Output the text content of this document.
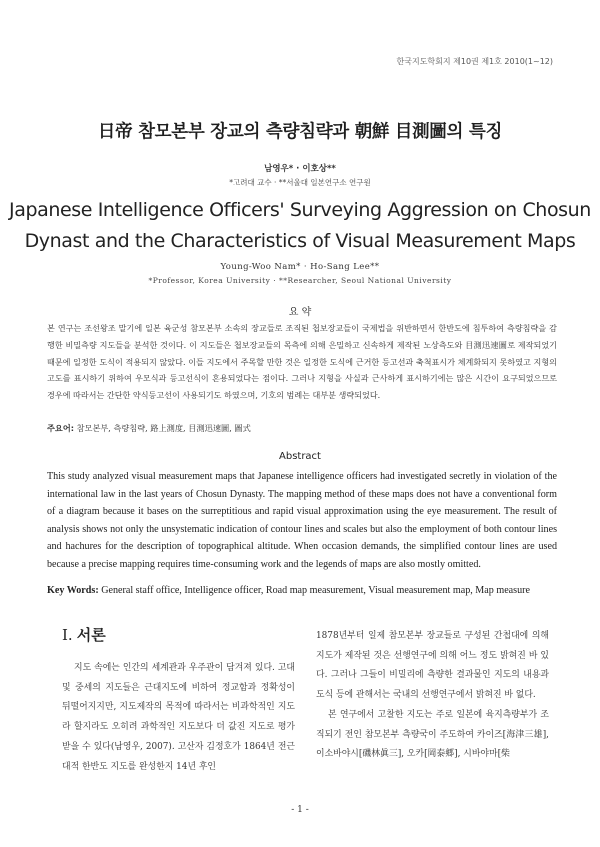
한국지도학회지 제10권 제1호 2010(1~12)
日帝 참모본부 장교의 측량침략과 朝鮮 目測圖의 특징
남영우* · 이호상**
*고려대 교수 · **서울대 일본연구소 연구원
Japanese Intelligence Officers' Surveying Aggression on Chosun Dynast and the Characteristics of Visual Measurement Maps
Young-Woo Nam* · Ho-Sang Lee**
*Professor, Korea University · **Researcher, Seoul National University
요 약
본 연구는 조선왕조 말기에 일본 육군성 참모본부 소속의 장교들로 조직된 첩보장교들이 국제법을 위반하면서 한반도에 침투하여 측량침략을 감행한 비밀측량 지도들을 분석한 것이다. 이 지도들은 첩보장교들의 목측에 의해 은밀하고 신속하게 제작된 노상측도와 目測迅速圖로 제작되었기 때문에 일정한 도식이 적용되지 않았다. 이들 지도에서 주목할 만한 것은 일정한 도식에 근거한 등고선과 축척표시가 체계화되지 못하였고 지형의 고도를 표시하기 위하여 우모식과 등고선식이 혼용되었다는 점이다. 그러나 지형을 사실과 근사하게 표시하기에는 많은 시간이 요구되었으므로 경우에 따라서는 간단한 약식등고선이 사용되기도 하였으며, 기호의 범례는 대부분 생략되었다.
주요어: 참모본부, 측량침략, 路上測度, 目測迅速圖, 圖式
Abstract
This study analyzed visual measurement maps that Japanese intelligence officers had investigated secretly in violation of the international law in the last years of Chosun Dynasty. The mapping method of these maps does not have a conventional form of a diagram because it bases on the surreptitious and rapid visual approximation using the eye measurement. The result of analysis shows not only the unsystematic indication of contour lines and scales but also the employment of both contour lines and hachures for the description of topographical altitude. When occasion demands, the simplified contour lines are used because a precise mapping requires time-consuming work and the legends of maps are also mostly omitted.
Key Words: General staff office, Intelligence officer, Road map measurement, Visual measurement map, Map measure
I. 서론

지도 속에는 인간의 세계관과 우주관이 담겨져 있다. 고대 및 중세의 지도들은 근대지도에 비하여 정교함과 정확성이 뒤떨어지지만, 지도제작의 목적에 따라서는 비과학적인 지도라 할지라도 오히려 과학적인 지도보다 더 값진 지도로 평가받을 수 있다(남영우, 2007). 고산자 김정호가 1864년 전근대적 한반도 지도를 완성한지 14년 후인

1878년부터 일제 참모본부 장교들로 구성된 간첩대에 의해 지도가 제작된 것은 선행연구에 의해 어느 정도 밝혀진 바 있다. 그러나 그들이 비밀리에 측량한 결과물인 지도의 내용과 도식 등에 관해서는 국내의 선행연구에서 밝혀진 바 없다.

본 연구에서 고찰한 지도는 주로 일본에 육지측량부가 조직되기 전인 참모본부 측량국이 주도하여 카이즈[海津三雄], 이소바야시[磯林眞三], 오카[岡泰郷], 시바야마[柴

- 1 -
